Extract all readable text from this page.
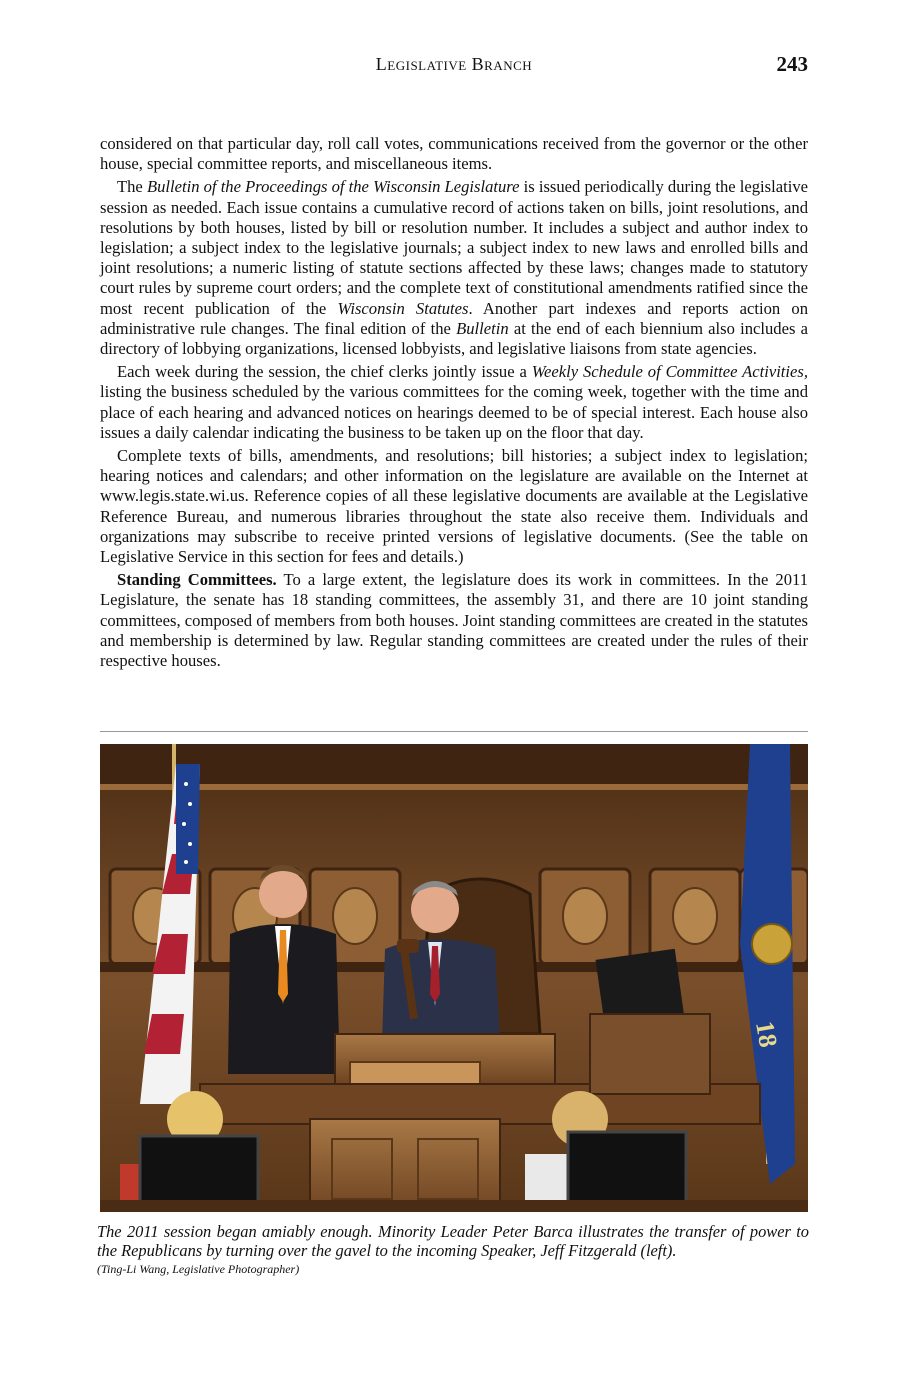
Legislative Branch	243

considered on that particular day, roll call votes, communications received from the governor or the other house, special committee reports, and miscellaneous items.

The Bulletin of the Proceedings of the Wisconsin Legislature is issued periodically during the legislative session as needed. Each issue contains a cumulative record of actions taken on bills, joint resolutions, and resolutions by both houses, listed by bill or resolution number. It includes a subject and author index to legislation; a subject index to the legislative journals; a subject index to new laws and enrolled bills and joint resolutions; a numeric listing of statute sections affected by these laws; changes made to statutory court rules by supreme court orders; and the complete text of constitutional amendments ratified since the most recent publication of the Wisconsin Statutes. Another part indexes and reports action on administrative rule changes. The final edition of the Bulletin at the end of each biennium also includes a directory of lobbying organizations, licensed lobbyists, and legislative liaisons from state agencies.

Each week during the session, the chief clerks jointly issue a Weekly Schedule of Committee Activities, listing the business scheduled by the various committees for the coming week, together with the time and place of each hearing and advanced notices on hearings deemed to be of special interest. Each house also issues a daily calendar indicating the business to be taken up on the floor that day.

Complete texts of bills, amendments, and resolutions; bill histories; a subject index to legislation; hearing notices and calendars; and other information on the legislature are available on the Internet at www.legis.state.wi.us. Reference copies of all these legislative documents are available at the Legislative Reference Bureau, and numerous libraries throughout the state also receive them. Individuals and organizations may subscribe to receive printed versions of legislative documents. (See the table on Legislative Service in this section for fees and details.)

Standing Committees. To a large extent, the legislature does its work in committees. In the 2011 Legislature, the senate has 18 standing committees, the assembly 31, and there are 10 joint standing committees, composed of members from both houses. Joint standing committees are created in the statutes and membership is determined by law. Regular standing committees are created under the rules of their respective houses.

18
The 2011 session began amiably enough. Minority Leader Peter Barca illustrates the transfer of power to the Republicans by turning over the gavel to the incoming Speaker, Jeff Fitzgerald (left).
(Ting-Li Wang, Legislative Photographer)
